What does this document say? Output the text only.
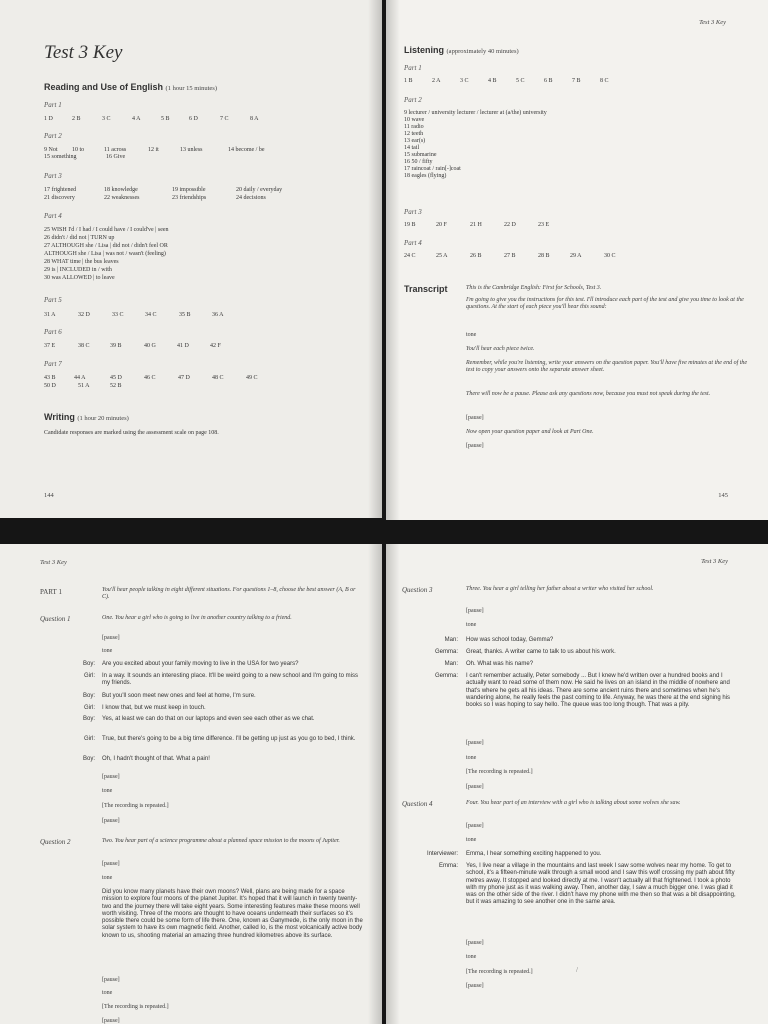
Test 3 Key
Reading and Use of English (1 hour 15 minutes)
Part 1
1 D	2 B	3 C	4 A	5 B	6 D	7 C	8 A
Part 2
9 Not 10 to	11 across	12 it	13 unless	14 become / be
15 something	16 Give
Part 3
17 frightened	18 knowledge	19 impossible	20 daily / everyday
21 discovery	22 weaknesses	23 friendships	24 decisions
Part 4
25 WISH I'd / I had / I could have / I could've | seen
26 didn't / did not | TURN up
27 ALTHOUGH she / Lisa | did not / didn't feel OR
ALTHOUGH she / Lisa | was not / wasn't (feeling)
28 WHAT time | the bus leaves
29 is | INCLUDED in / with
30 was ALLOWED | to leave
Part 5
31 A	32 D	33 C	34 C	35 B	36 A
Part 6
37 E	38 C	39 B	40 G	41 D	42 F
Part 7
43 B	44 A	45 D	46 C	47 D	48 C	49 C
50 D	51 A	52 B
Writing (1 hour 20 minutes)
Candidate responses are marked using the assessment scale on page 108.
144
Test 3 Key
Listening (approximately 40 minutes)
Part 1
1 B	2 A	3 C	4 B	5 C	6 B	7 B	8 C
Part 2
9 lecturer / university lecturer / lecturer at (a/the) university
10 wave
11 radio
12 teeth
13 ear(s)
14 tail
15 submarine
16 50 / fifty
17 raincoat / rain[-]coat
18 eagles (flying)
Part 3
19 B	20 F	21 H	22 D	23 E
Part 4
24 C	25 A	26 B	27 B	28 B	29 A	30 C
Transcript	This is the Cambridge English: First for Schools, Test 3.
I'm going to give you the instructions for this test. I'll introduce each part of the test and give you time to look at the questions. At the start of each piece you'll hear this sound:
tone
You'll hear each piece twice.
Remember, while you're listening, write your answers on the question paper. You'll have five minutes at the end of the test to copy your answers onto the separate answer sheet.
There will now be a pause. Please ask any questions now, because you must not speak during the test.
[pause]
Now open your question paper and look at Part One.
[pause]
145
Test 3 Key
PART 1	You'll hear people talking in eight different situations. For questions 1–8, choose the best answer (A, B or C).
Question 1	One. You hear a girl who is going to live in another country talking to a friend.
[pause]
tone
Boy: Are you excited about your family moving to live in the USA for two years?
Girl: In a way. It sounds an interesting place. It'll be weird going to a new school and I'm going to miss my friends.
Boy: But you'll soon meet new ones and feel at home, I'm sure.
Girl: I know that, but we must keep in touch.
Boy: Yes, at least we can do that on our laptops and even see each other as we chat.
Girl: True, but there's going to be a big time difference. I'll be getting up just as you go to bed, I think.
Boy: Oh, I hadn't thought of that. What a pain!
[pause]
tone
[The recording is repeated.]
[pause]
Question 2	Two. You hear part of a science programme about a planned space mission to the moons of Jupiter.
[pause]
tone
Did you know many planets have their own moons? Well, plans are being made for a space mission to explore four moons of the planet Jupiter. It's hoped that it will launch in twenty twenty-two and the journey there will take eight years. Some interesting features make these moons well worth visiting. Three of the moons are thought to have oceans underneath their surfaces so it's possible there could be some form of life there. One, known as Ganymede, is the only moon in the solar system to have its own magnetic field. Another, called Io, is the most volcanically active body known to us, shooting material an amazing three hundred kilometres above its surface.
[pause]
tone
[The recording is repeated.]
[pause]
Test 3 Key
Question 3	Three. You hear a girl telling her father about a writer who visited her school.
[pause]
tone
Man: How was school today, Gemma?
Gemma: Great, thanks. A writer came to talk to us about his work.
Man: Oh. What was his name?
Gemma: I can't remember actually, Peter somebody ... But I knew he'd written over a hundred books and I actually want to read some of them now. He said he lives on an island in the middle of nowhere and that's where he gets all his ideas. There are some ancient ruins there and sometimes when he's wandering alone, he really feels the past coming to life. Anyway, he was there at the end signing his books so I was hoping to say hello. The queue was too long though. That was a pity.
[pause]
tone
[The recording is repeated.]
[pause]
Question 4	Four. You hear part of an interview with a girl who is talking about some wolves she saw.
[pause]
tone
Interviewer: Emma, I hear something exciting happened to you.
Emma: Yes, I live near a village in the mountains and last week I saw some wolves near my home. To get to school, it's a fifteen-minute walk through a small wood and I saw this wolf crossing my path about fifty metres away. It stopped and looked directly at me. I wasn't actually all that frightened. I took a photo with my phone just as it was walking away. Then, another day, I saw a much bigger one. I was glad it was on the other side of the river. I didn't have my phone with me then so that was a bit disappointing, but it was amazing to see another one in the same area.
[pause]
tone
[The recording is repeated.]	/
[pause]
